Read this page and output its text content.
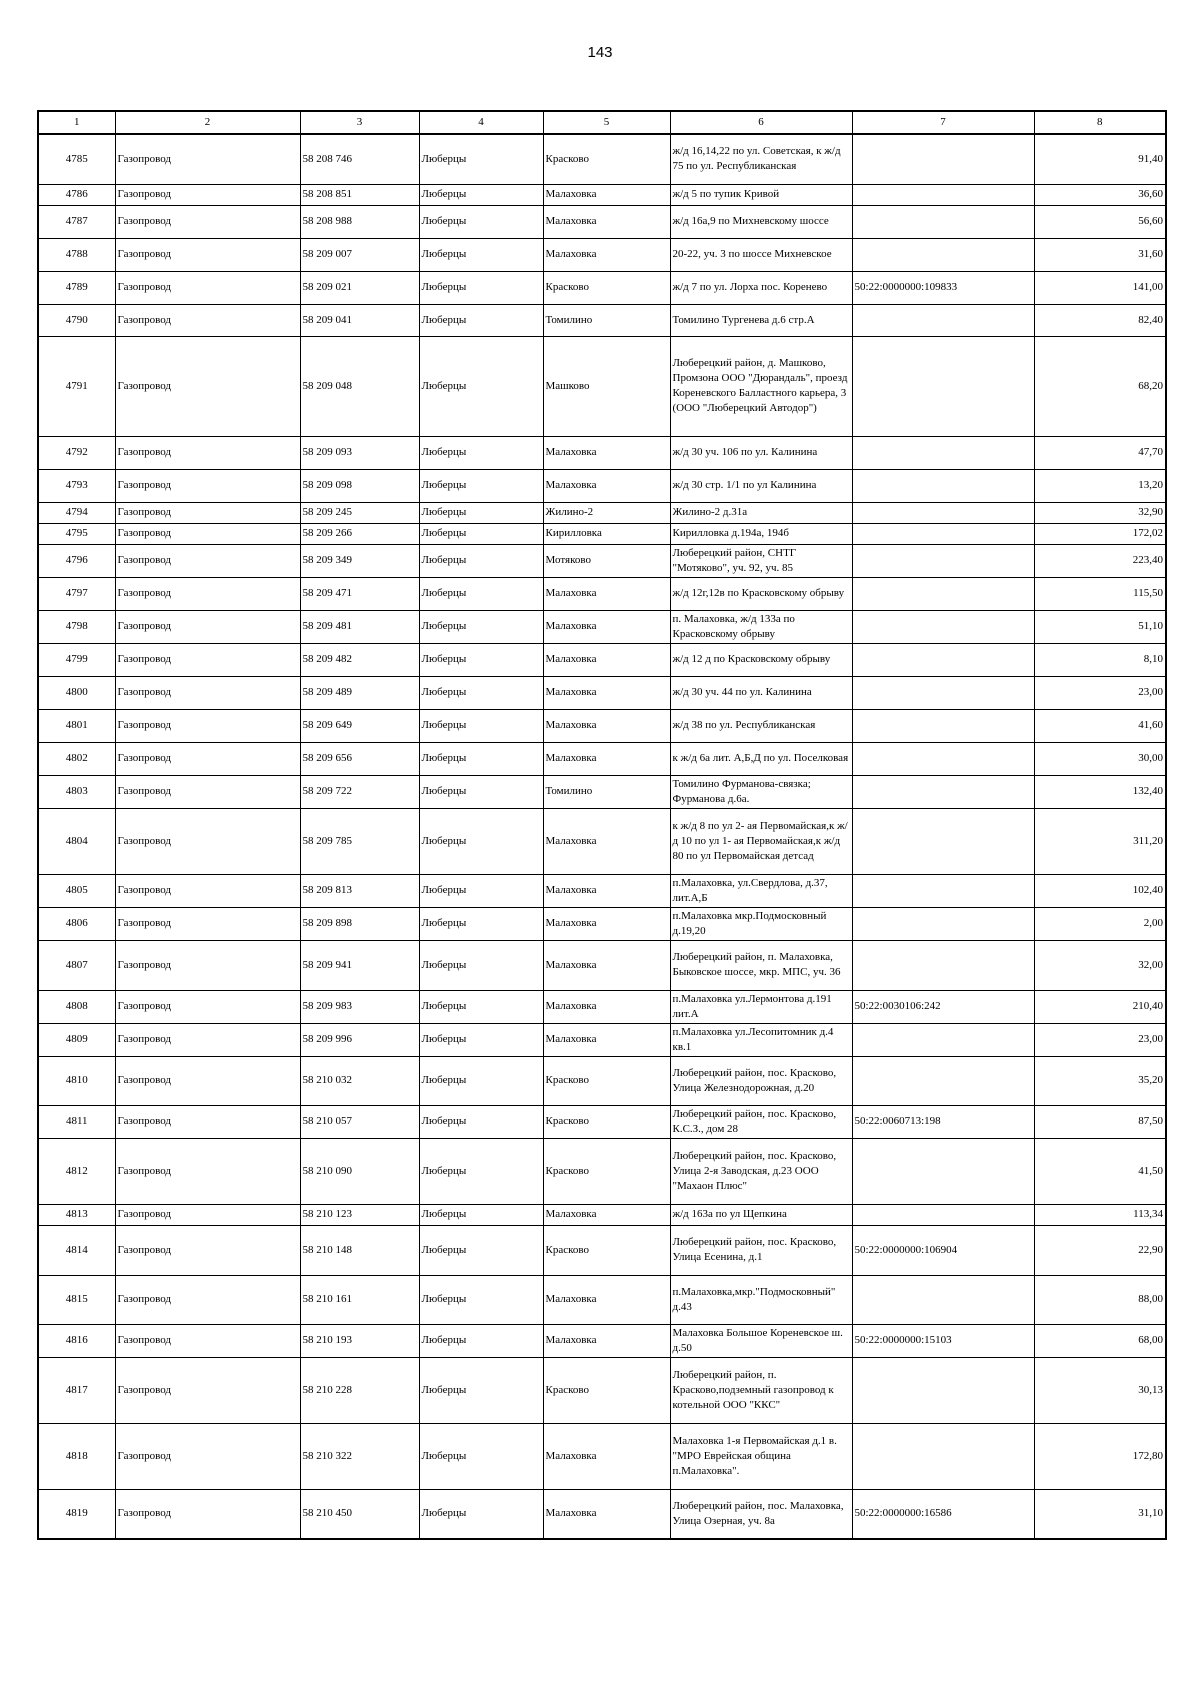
143
1	2	3	4	5	6	7	8
4785	Газопровод	58 208 746	Люберцы	Красково	ж/д 16,14,22 по ул. Советская, к ж/д 75 по ул. Республиканская		91,40
4786	Газопровод	58 208 851	Люберцы	Малаховка	ж/д 5 по тупик Кривой		36,60
4787	Газопровод	58 208 988	Люберцы	Малаховка	ж/д 16а,9 по Михневскому шоссе		56,60
4788	Газопровод	58 209 007	Люберцы	Малаховка	20-22, уч. 3 по шоссе Михневское		31,60
4789	Газопровод	58 209 021	Люберцы	Красково	ж/д 7 по ул. Лорха пос. Коренево	50:22:0000000:109833	141,00
4790	Газопровод	58 209 041	Люберцы	Томилино	Томилино Тургенева д.6 стр.А		82,40
4791	Газопровод	58 209 048	Люберцы	Машково	Люберецкий район, д. Машково, Промзона ООО "Дюрандаль", проезд Кореневского Балластного карьера, 3 (ООО "Люберецкий Автодор")		68,20
4792	Газопровод	58 209 093	Люберцы	Малаховка	ж/д 30 уч. 106 по ул. Калинина		47,70
4793	Газопровод	58 209 098	Люберцы	Малаховка	ж/д 30 стр. 1/1 по ул Калинина		13,20
4794	Газопровод	58 209 245	Люберцы	Жилино-2	Жилино-2 д.31а		32,90
4795	Газопровод	58 209 266	Люберцы	Кирилловка	Кирилловка д.194а, 194б		172,02
4796	Газопровод	58 209 349	Люберцы	Мотяково	Люберецкий район, СНТГ "Мотяково", уч. 92, уч. 85		223,40
4797	Газопровод	58 209 471	Люберцы	Малаховка	ж/д 12г,12в по Красковскому обрыву		115,50
4798	Газопровод	58 209 481	Люберцы	Малаховка	п. Малаховка, ж/д 133а по Красковскому обрыву		51,10
4799	Газопровод	58 209 482	Люберцы	Малаховка	ж/д 12 д по Красковскому обрыву		8,10
4800	Газопровод	58 209 489	Люберцы	Малаховка	ж/д 30 уч. 44 по ул. Калинина		23,00
4801	Газопровод	58 209 649	Люберцы	Малаховка	ж/д 38 по ул. Республиканская		41,60
4802	Газопровод	58 209 656	Люберцы	Малаховка	к ж/д 6а лит. А,Б,Д по ул. Поселковая		30,00
4803	Газопровод	58 209 722	Люберцы	Томилино	Томилино Фурманова-связка; Фурманова д.6а.		132,40
4804	Газопровод	58 209 785	Люберцы	Малаховка	к ж/д 8 по ул 2- ая Первомайская,к ж/д 10 по ул 1- ая Первомайская,к ж/д 80 по ул Первомайская детсад		311,20
4805	Газопровод	58 209 813	Люберцы	Малаховка	п.Малаховка, ул.Свердлова, д.37, лит.А,Б		102,40
4806	Газопровод	58 209 898	Люберцы	Малаховка	п.Малаховка мкр.Подмосковный д.19,20		2,00
4807	Газопровод	58 209 941	Люберцы	Малаховка	Люберецкий район, п. Малаховка, Быковское шоссе, мкр. МПС, уч. 36		32,00
4808	Газопровод	58 209 983	Люберцы	Малаховка	п.Малаховка ул.Лермонтова д.191 лит.А	50:22:0030106:242	210,40
4809	Газопровод	58 209 996	Люберцы	Малаховка	п.Малаховка ул.Лесопитомник д.4 кв.1		23,00
4810	Газопровод	58 210 032	Люберцы	Красково	Люберецкий район, пос. Красково, Улица Железнодорожная, д.20		35,20
4811	Газопровод	58 210 057	Люберцы	Красково	Люберецкий район, пос. Красково, К.С.З., дом 28	50:22:0060713:198	87,50
4812	Газопровод	58 210 090	Люберцы	Красково	Люберецкий район, пос. Красково, Улица 2-я Заводская, д.23 ООО "Махаон Плюс"		41,50
4813	Газопровод	58 210 123	Люберцы	Малаховка	ж/д 163а по ул Щепкина		113,34
4814	Газопровод	58 210 148	Люберцы	Красково	Люберецкий район, пос. Красково, Улица Есенина, д.1	50:22:0000000:106904	22,90
4815	Газопровод	58 210 161	Люберцы	Малаховка	п.Малаховка,мкр."Подмосковный" д.43		88,00
4816	Газопровод	58 210 193	Люберцы	Малаховка	Малаховка Большое Кореневское ш. д.50	50:22:0000000:15103	68,00
4817	Газопровод	58 210 228	Люберцы	Красково	Люберецкий район, п. Красково,подземный газопровод к котельной ООО "ККС"		30,13
4818	Газопровод	58 210 322	Люберцы	Малаховка	Малаховка 1-я Первомайская д.1 в. "МРО Еврейская община п.Малаховка".		172,80
4819	Газопровод	58 210 450	Люберцы	Малаховка	Люберецкий район, пос. Малаховка, Улица Озерная, уч. 8а	50:22:0000000:16586	31,10
